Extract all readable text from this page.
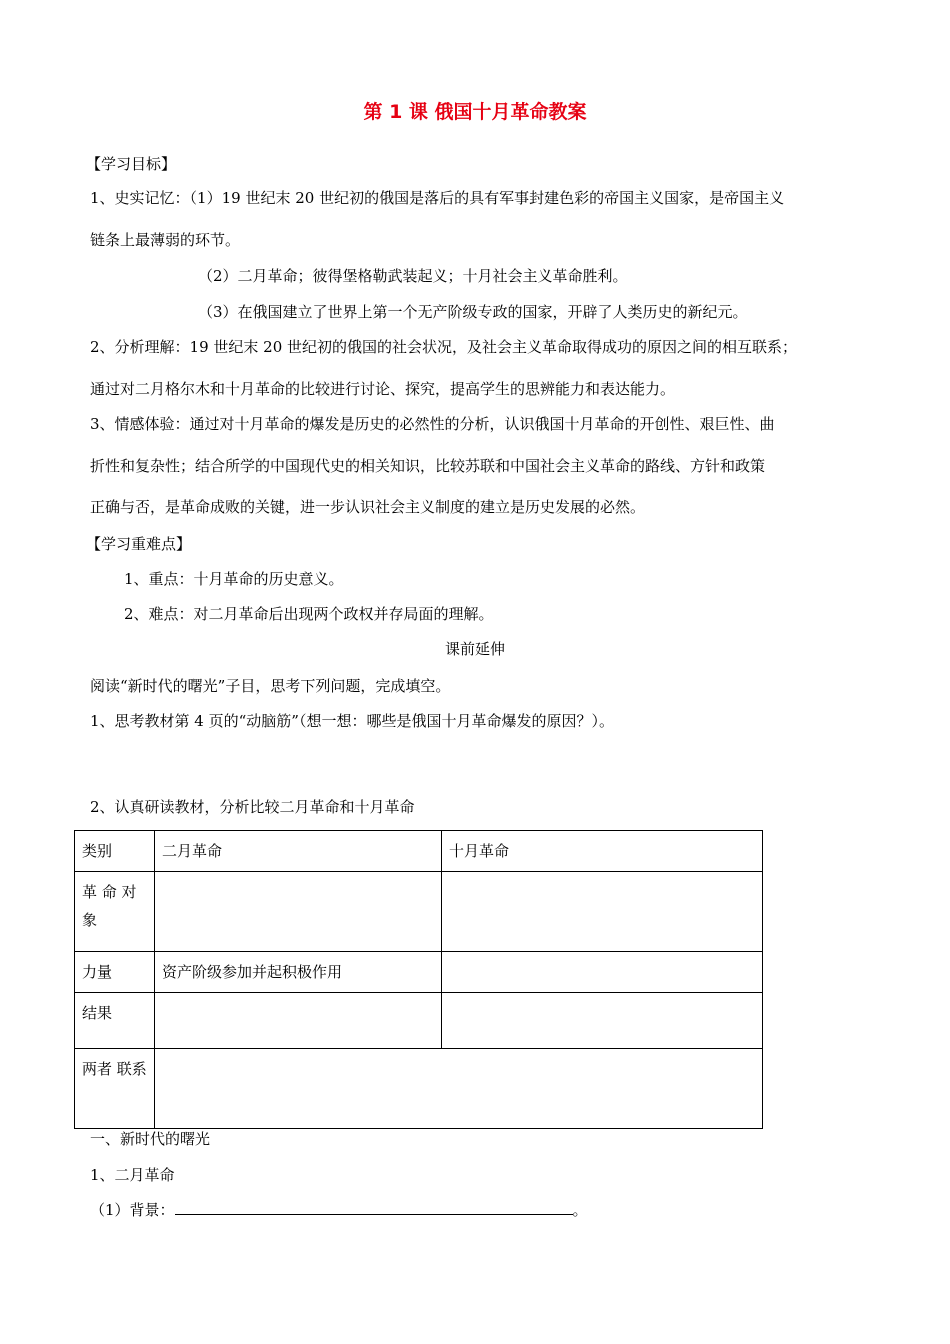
第 1 课 俄国十月革命教案
【学习目标】
1、史实记忆：（1）19 世纪末 20 世纪初的俄国是落后的具有军事封建色彩的帝国主义国家，是帝国主义
链条上最薄弱的环节。
（2）二月革命；彼得堡格勒武装起义；十月社会主义革命胜利。
（3）在俄国建立了世界上第一个无产阶级专政的国家，开辟了人类历史的新纪元。
2、分析理解：19 世纪末 20 世纪初的俄国的社会状况，及社会主义革命取得成功的原因之间的相互联系；
通过对二月格尔木和十月革命的比较进行讨论、探究，提高学生的思辨能力和表达能力。
3、情感体验：通过对十月革命的爆发是历史的必然性的分析，认识俄国十月革命的开创性、艰巨性、曲
折性和复杂性；结合所学的中国现代史的相关知识，比较苏联和中国社会主义革命的路线、方针和政策
正确与否，是革命成败的关键，进一步认识社会主义制度的建立是历史发展的必然。
【学习重难点】
1、重点：十月革命的历史意义。
2、难点：对二月革命后出现两个政权并存局面的理解。
课前延伸
阅读“新时代的曙光”子目，思考下列问题，完成填空。
1、思考教材第 4 页的“动脑筋”（想一想：哪些是俄国十月革命爆发的原因？）。
2、认真研读教材，分析比较二月革命和十月革命
类别	二月革命	十月革命
革 命 对 象		
力量	资产阶级参加并起积极作用	
结果		
两者 联系		
一、新时代的曙光
1、二月革命
（1）背景：	。
